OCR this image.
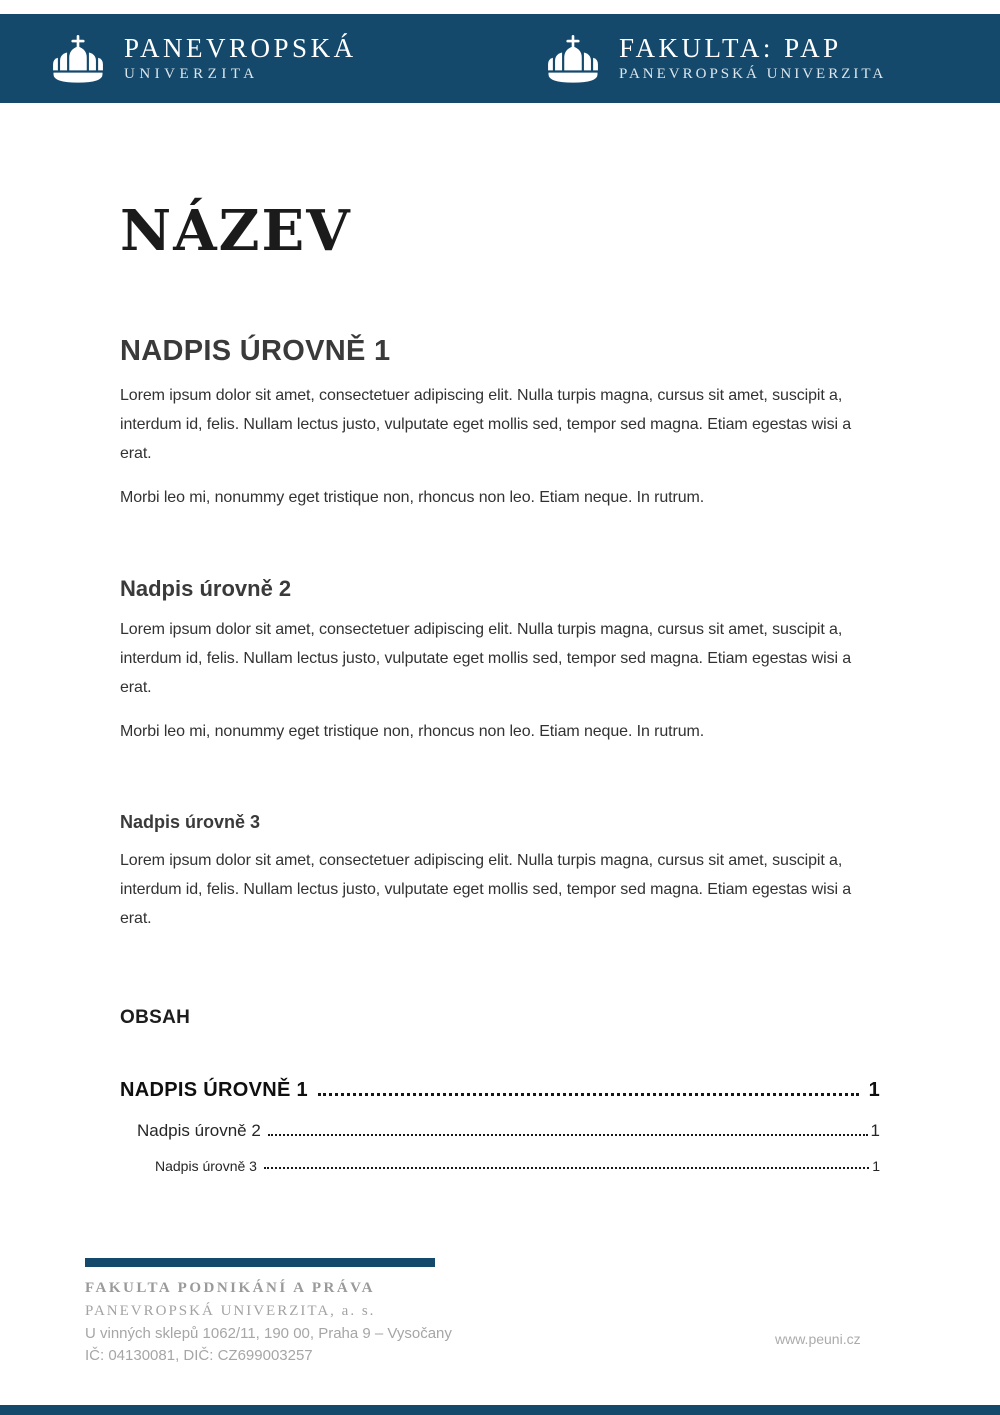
PANEVROPSKÁ
UNIVERZITA
FAKULTA: PAP
PANEVROPSKÁ UNIVERZITA
NÁZEV
NADPIS ÚROVNĚ 1

Lorem ipsum dolor sit amet, consectetuer adipiscing elit. Nulla turpis magna, cursus sit amet, suscipit a, interdum id, felis. Nullam lectus justo, vulputate eget mollis sed, tempor sed magna. Etiam egestas wisi a erat.

Morbi leo mi, nonummy eget tristique non, rhoncus non leo. Etiam neque. In rutrum.

Nadpis úrovně 2

Lorem ipsum dolor sit amet, consectetuer adipiscing elit. Nulla turpis magna, cursus sit amet, suscipit a, interdum id, felis. Nullam lectus justo, vulputate eget mollis sed, tempor sed magna. Etiam egestas wisi a erat.

Morbi leo mi, nonummy eget tristique non, rhoncus non leo. Etiam neque. In rutrum.

Nadpis úrovně 3

Lorem ipsum dolor sit amet, consectetuer adipiscing elit. Nulla turpis magna, cursus sit amet, suscipit a, interdum id, felis. Nullam lectus justo, vulputate eget mollis sed, tempor sed magna. Etiam egestas wisi a erat.

OBSAH
NADPIS ÚROVNĚ 1	1
Nadpis úrovně 2	1
Nadpis úrovně 3	1
FAKULTA PODNIKÁNÍ A PRÁVA
PANEVROPSKÁ UNIVERZITA, a. s.
U vinných sklepů 1062/11, 190 00, Praha 9 – Vysočany
IČ: 04130081, DIČ: CZ699003257
www.peuni.cz
